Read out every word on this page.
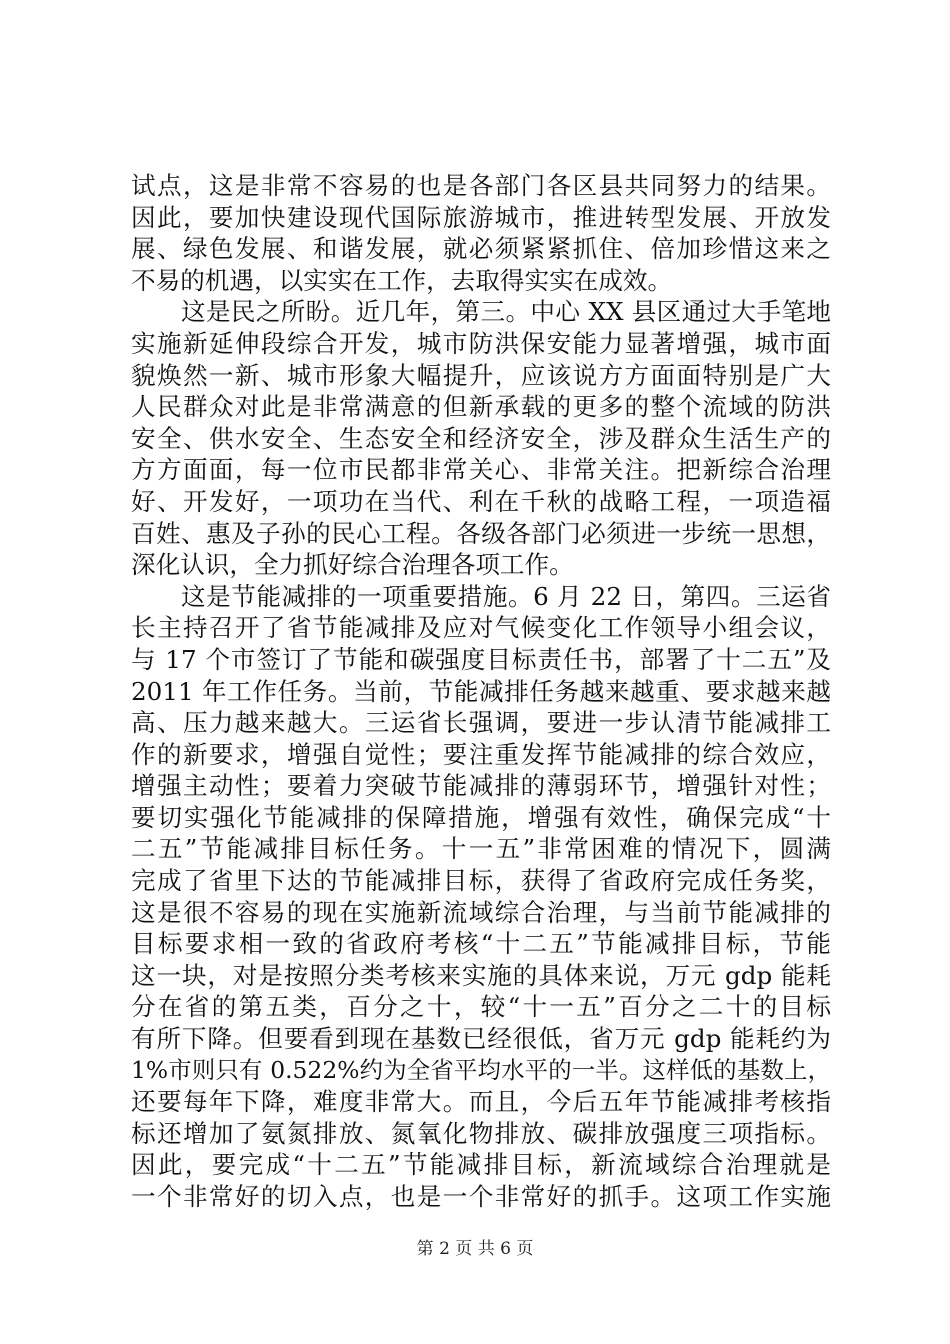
试点，这是非常不容易的也是各部门各区县共同努力的结果。
因此，要加快建设现代国际旅游城市，推进转型发展、开放发
展、绿色发展、和谐发展，就必须紧紧抓住、倍加珍惜这来之
不易的机遇，以实实在工作，去取得实实在成效。
这是民之所盼。近几年，第三。中心 XX 县区通过大手笔地
实施新延伸段综合开发，城市防洪保安能力显著增强，城市面
貌焕然一新、城市形象大幅提升，应该说方方面面特别是广大
人民群众对此是非常满意的但新承载的更多的整个流域的防洪
安全、供水安全、生态安全和经济安全，涉及群众生活生产的
方方面面，每一位市民都非常关心、非常关注。把新综合治理
好、开发好，一项功在当代、利在千秋的战略工程，一项造福
百姓、惠及子孙的民心工程。各级各部门必须进一步统一思想，
深化认识，全力抓好综合治理各项工作。
这是节能减排的一项重要措施。6 月 22 日，第四。三运省
长主持召开了省节能减排及应对气候变化工作领导小组会议，
与 17 个市签订了节能和碳强度目标责任书，部署了十二五”及
2011 年工作任务。当前，节能减排任务越来越重、要求越来越
高、压力越来越大。三运省长强调，要进一步认清节能减排工
作的新要求，增强自觉性；要注重发挥节能减排的综合效应，
增强主动性；要着力突破节能减排的薄弱环节，增强针对性；
要切实强化节能减排的保障措施，增强有效性，确保完成“十
二五”节能减排目标任务。十一五”非常困难的情况下，圆满
完成了省里下达的节能减排目标，获得了省政府完成任务奖，
这是很不容易的现在实施新流域综合治理，与当前节能减排的
目标要求相一致的省政府考核“十二五”节能减排目标，节能
这一块，对是按照分类考核来实施的具体来说，万元 gdp 能耗
分在省的第五类，百分之十，较“十一五”百分之二十的目标
有所下降。但要看到现在基数已经很低，省万元 gdp 能耗约为
1%市则只有 0.522%约为全省平均水平的一半。这样低的基数上，
还要每年下降，难度非常大。而且，今后五年节能减排考核指
标还增加了氨氮排放、氮氧化物排放、碳排放强度三项指标。
因此，要完成“十二五”节能减排目标，新流域综合治理就是
一个非常好的切入点，也是一个非常好的抓手。这项工作实施
第 2 页 共 6 页
